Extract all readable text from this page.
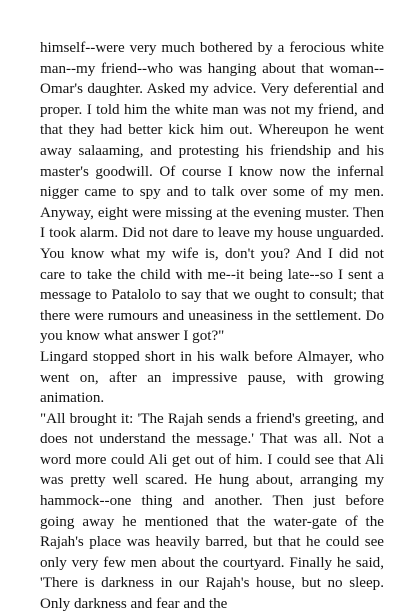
himself--were very much bothered by a ferocious white man--my friend--who was hanging about that woman--Omar's daughter. Asked my advice. Very deferential and proper. I told him the white man was not my friend, and that they had better kick him out. Whereupon he went away salaaming, and protesting his friendship and his master's goodwill. Of course I know now the infernal nigger came to spy and to talk over some of my men. Anyway, eight were missing at the evening muster. Then I took alarm. Did not dare to leave my house unguarded. You know what my wife is, don't you? And I did not care to take the child with me--it being late--so I sent a message to Patalolo to say that we ought to consult; that there were rumours and uneasiness in the settlement. Do you know what answer I got?"

Lingard stopped short in his walk before Almayer, who went on, after an impressive pause, with growing animation.

"All brought it: 'The Rajah sends a friend's greeting, and does not understand the message.' That was all. Not a word more could Ali get out of him. I could see that Ali was pretty well scared. He hung about, arranging my hammock--one thing and another. Then just before going away he mentioned that the water-gate of the Rajah's place was heavily barred, but that he could see only very few men about the courtyard. Finally he said, 'There is darkness in our Rajah's house, but no sleep. Only darkness and fear and the
